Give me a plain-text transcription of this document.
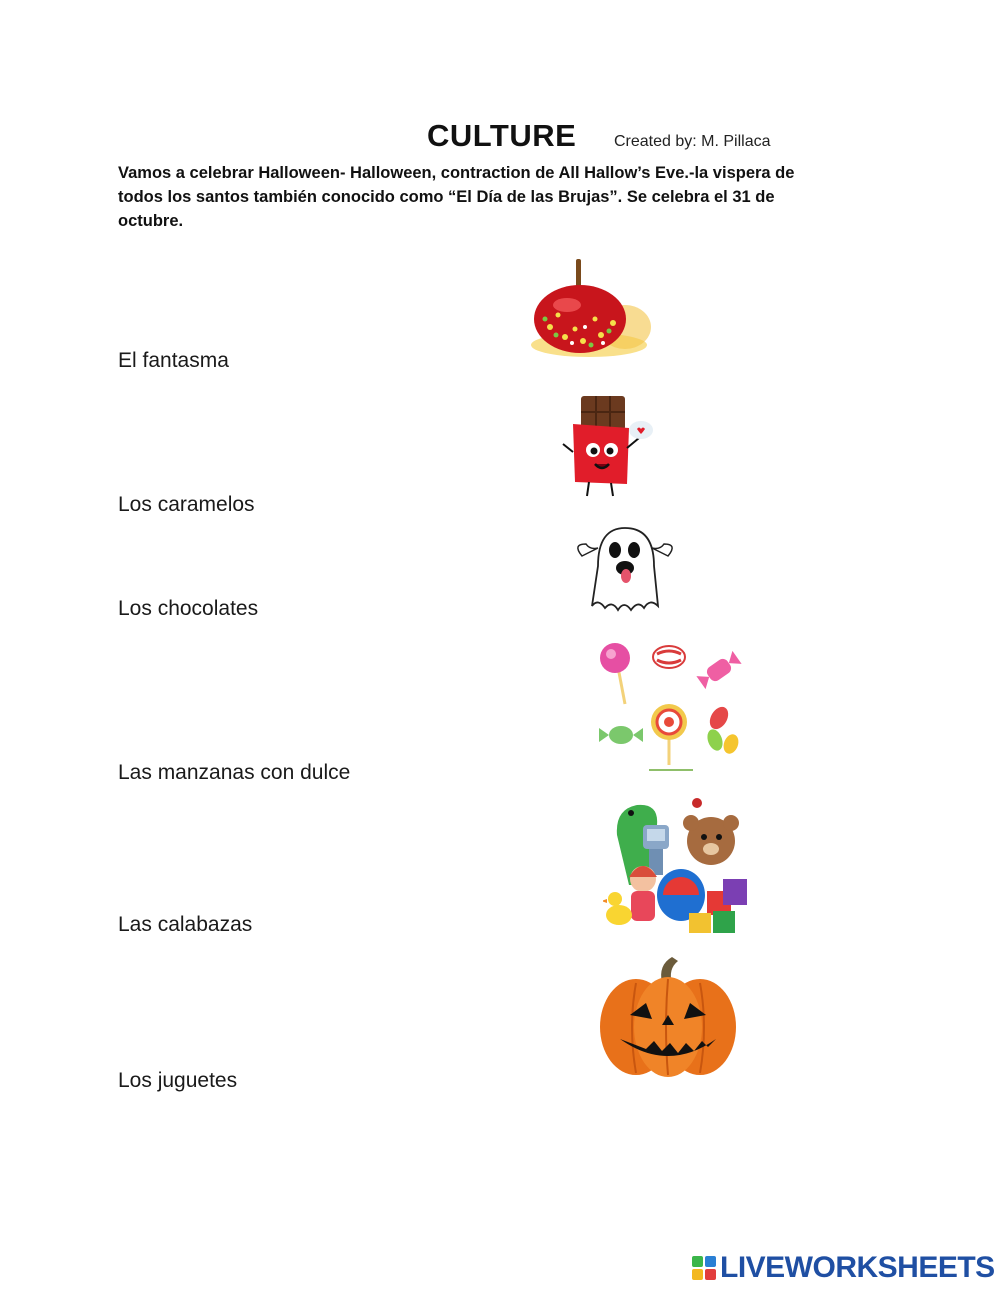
CULTURE Created by: M. Pillaca
Vamos a celebrar Halloween- Halloween, contraction de All Hallow’s Eve.-la vispera de
todos los santos también conocido como “El Día de las Brujas”. Se celebra el 31 de
octubre.
El fantasma
Los caramelos
Los chocolates
Las manzanas con dulce
Las calabazas
Los juguetes
LIVEWORKSHEETS
